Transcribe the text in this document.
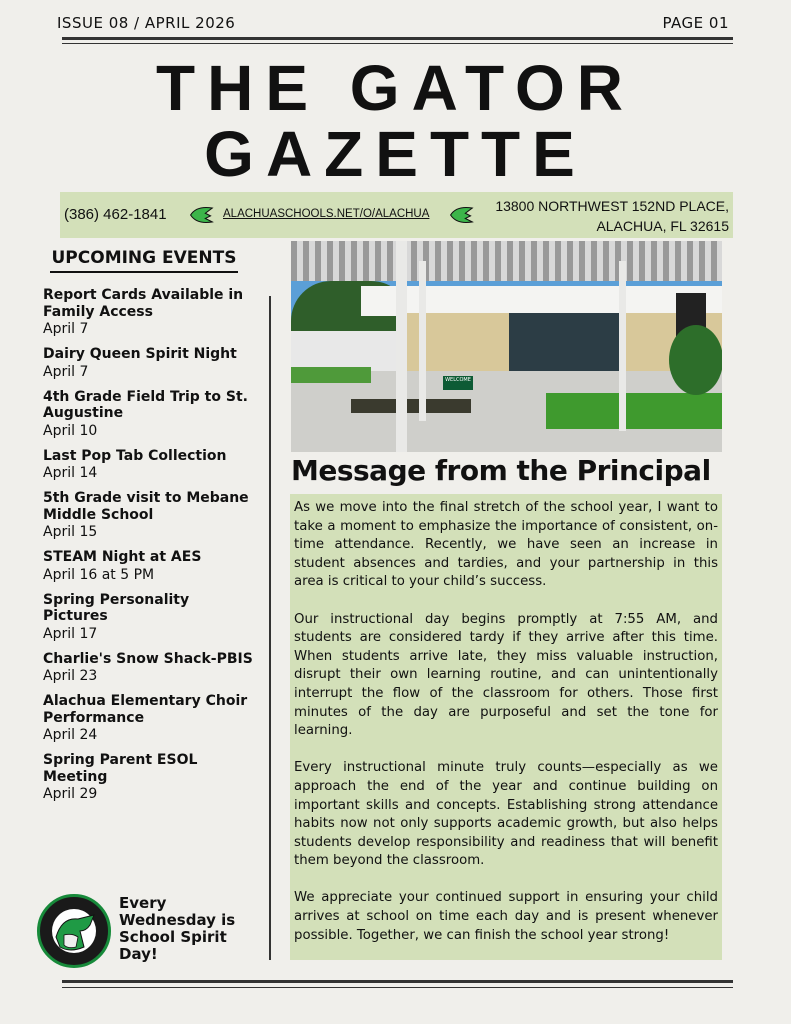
ISSUE 08 / APRIL 2026	PAGE 01
THE GATOR
GAZETTE
(386) 462-1841	ALACHUASCHOOLS.NET/O/ALACHUA	13800 NORTHWEST 152ND PLACE,
ALACHUA, FL 32615
UPCOMING EVENTS
Report Cards Available in Family Access
April 7
Dairy Queen Spirit Night
April 7
4th Grade Field Trip to St. Augustine
April 10
Last Pop Tab Collection
April 14
5th Grade visit to Mebane Middle School
April 15
STEAM Night at AES
April 16 at 5 PM
Spring Personality Pictures
April 17
Charlie's Snow Shack-PBIS
April 23
Alachua Elementary Choir Performance
April 24
Spring Parent ESOL Meeting
April 29
Every Wednesday is School Spirit Day!
WELCOME
Message from the Principal

As we move into the final stretch of the school year, I want to take a moment to emphasize the importance of consistent, on-time attendance. Recently, we have seen an increase in student absences and tardies, and your partnership in this area is critical to your child’s success.

Our instructional day begins promptly at 7:55 AM, and students are considered tardy if they arrive after this time. When students arrive late, they miss valuable instruction, disrupt their own learning routine, and can unintentionally interrupt the flow of the classroom for others. Those first minutes of the day are purposeful and set the tone for learning.

Every instructional minute truly counts—especially as we approach the end of the year and continue building on important skills and concepts. Establishing strong attendance habits now not only supports academic growth, but also helps students develop responsibility and readiness that will benefit them beyond the classroom.

We appreciate your continued support in ensuring your child arrives at school on time each day and is present whenever possible. Together, we can finish the school year strong!
